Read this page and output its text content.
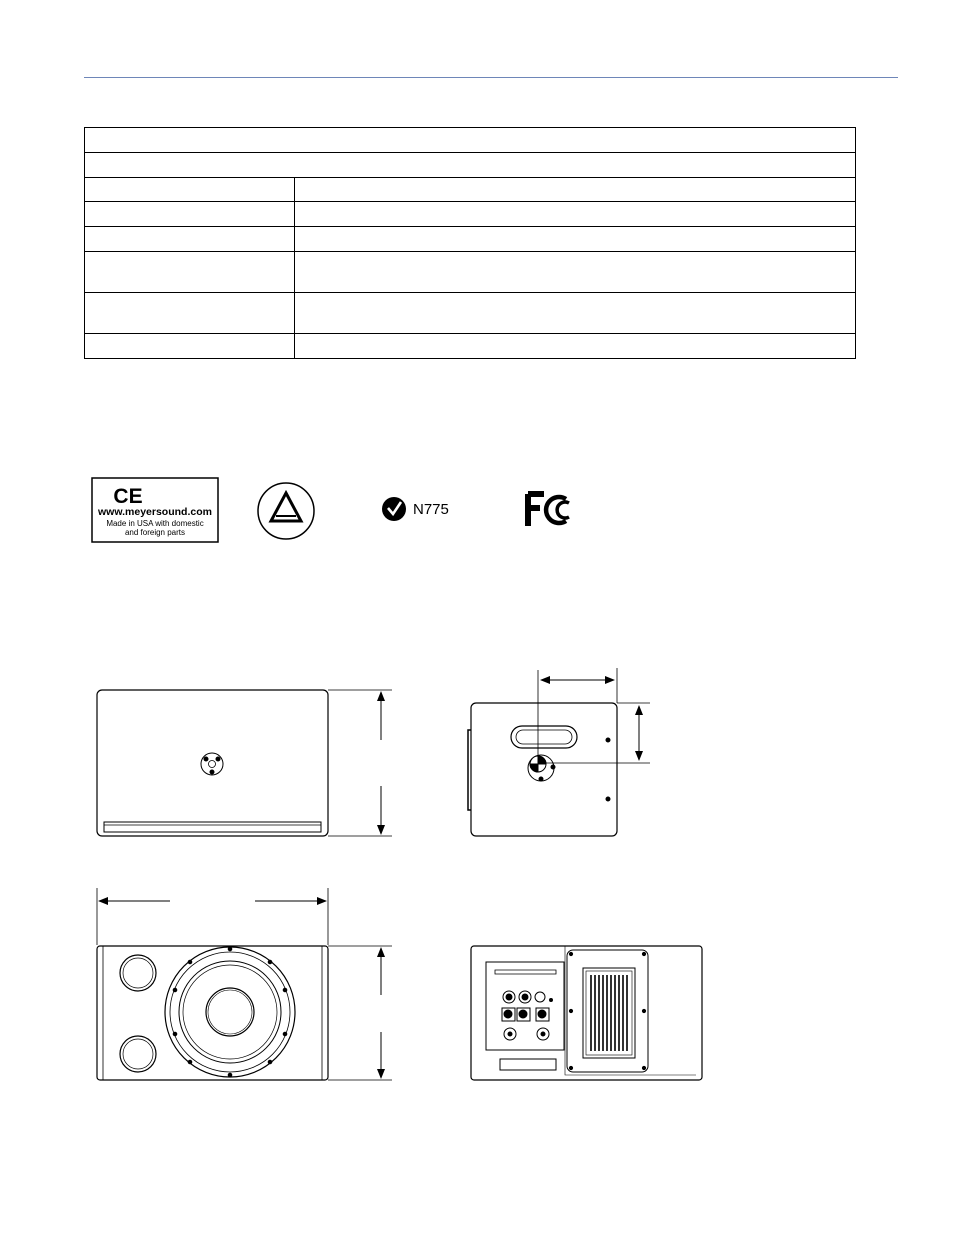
CE
www.meyersound.com
Made in USA with domestic
and foreign parts
N775
